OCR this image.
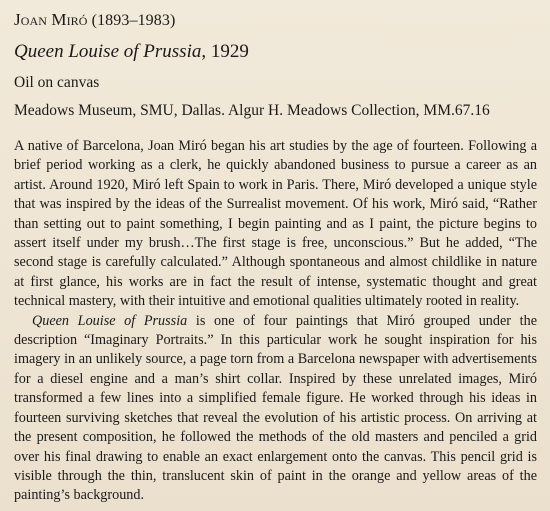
Joan Miró (1893–1983)

Queen Louise of Prussia, 1929

Oil on canvas

Meadows Museum, SMU, Dallas. Algur H. Meadows Collection, MM.67.16

A native of Barcelona, Joan Miró began his art studies by the age of fourteen. Following a brief period working as a clerk, he quickly abandoned business to pursue a career as an artist. Around 1920, Miró left Spain to work in Paris. There, Miró developed a unique style that was inspired by the ideas of the Surrealist movement. Of his work, Miró said, “Rather than setting out to paint something, I begin painting and as I paint, the picture begins to assert itself under my brush…The first stage is free, unconscious.” But he added, “The second stage is carefully calculated.” Although spontaneous and almost childlike in nature at first glance, his works are in fact the result of intense, systematic thought and great technical mastery, with their intuitive and emotional qualities ultimately rooted in reality.

Queen Louise of Prussia is one of four paintings that Miró grouped under the description “Imaginary Portraits.” In this particular work he sought inspiration for his imagery in an unlikely source, a page torn from a Barcelona newspaper with advertisements for a diesel engine and a man’s shirt collar. Inspired by these unrelated images, Miró transformed a few lines into a simplified female figure. He worked through his ideas in fourteen surviving sketches that reveal the evolution of his artistic process. On arriving at the present composition, he followed the methods of the old masters and penciled a grid over his final drawing to enable an exact enlargement onto the canvas. This pencil grid is visible through the thin, translucent skin of paint in the orange and yellow areas of the painting’s background.
